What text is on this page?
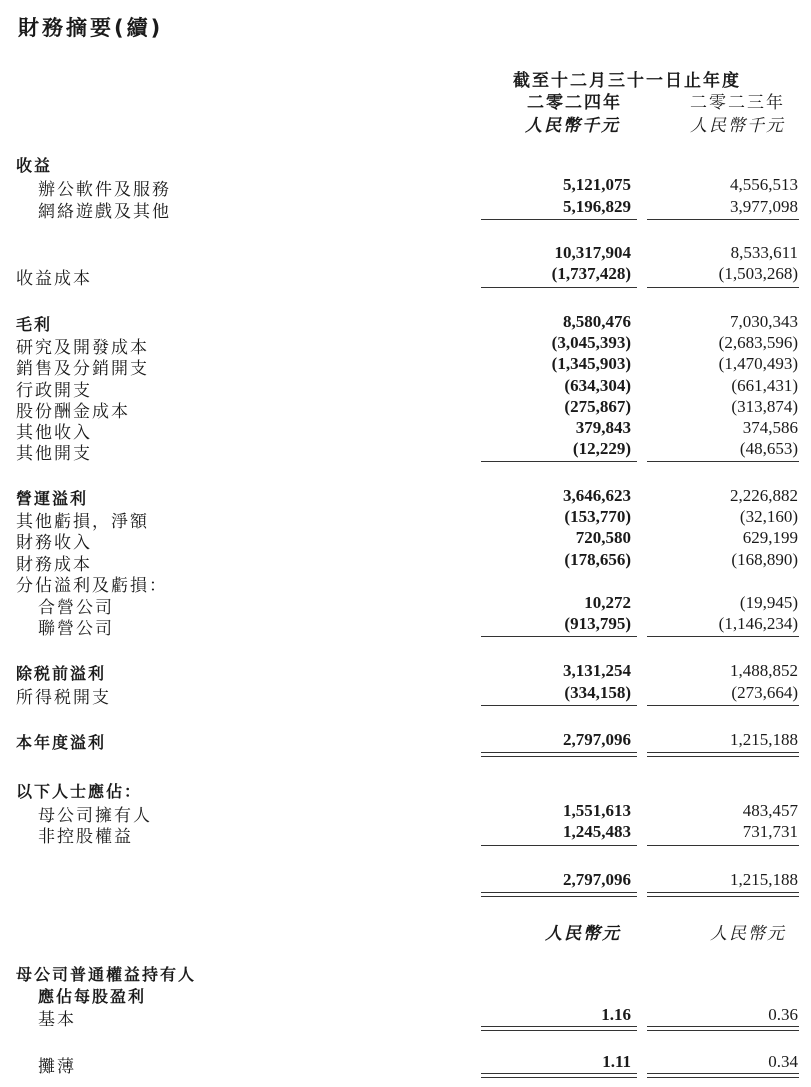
財務摘要(續)
截至十二月三十一日止年度
二零二四年	二零二三年
人民幣千元	人民幣千元
收益
辦公軟件及服務	5,121,075	4,556,513
網絡遊戲及其他	5,196,829	3,977,098
10,317,904	8,533,611
收益成本	(1,737,428)	(1,503,268)
毛利	8,580,476	7,030,343
研究及開發成本	(3,045,393)	(2,683,596)
銷售及分銷開支	(1,345,903)	(1,470,493)
行政開支	(634,304)	(661,431)
股份酬金成本	(275,867)	(313,874)
其他收入	379,843	374,586
其他開支	(12,229)	(48,653)
營運溢利	3,646,623	2,226,882
其他虧損，淨額	(153,770)	(32,160)
財務收入	720,580	629,199
財務成本	(178,656)	(168,890)
分佔溢利及虧損：
合營公司	10,272	(19,945)
聯營公司	(913,795)	(1,146,234)
除税前溢利	3,131,254	1,488,852
所得税開支	(334,158)	(273,664)
本年度溢利	2,797,096	1,215,188
以下人士應佔：
母公司擁有人	1,551,613	483,457
非控股權益	1,245,483	731,731
2,797,096	1,215,188
人民幣元	人民幣元
母公司普通權益持有人
應佔每股盈利
基本	1.16	0.36
攤薄	1.11	0.34
